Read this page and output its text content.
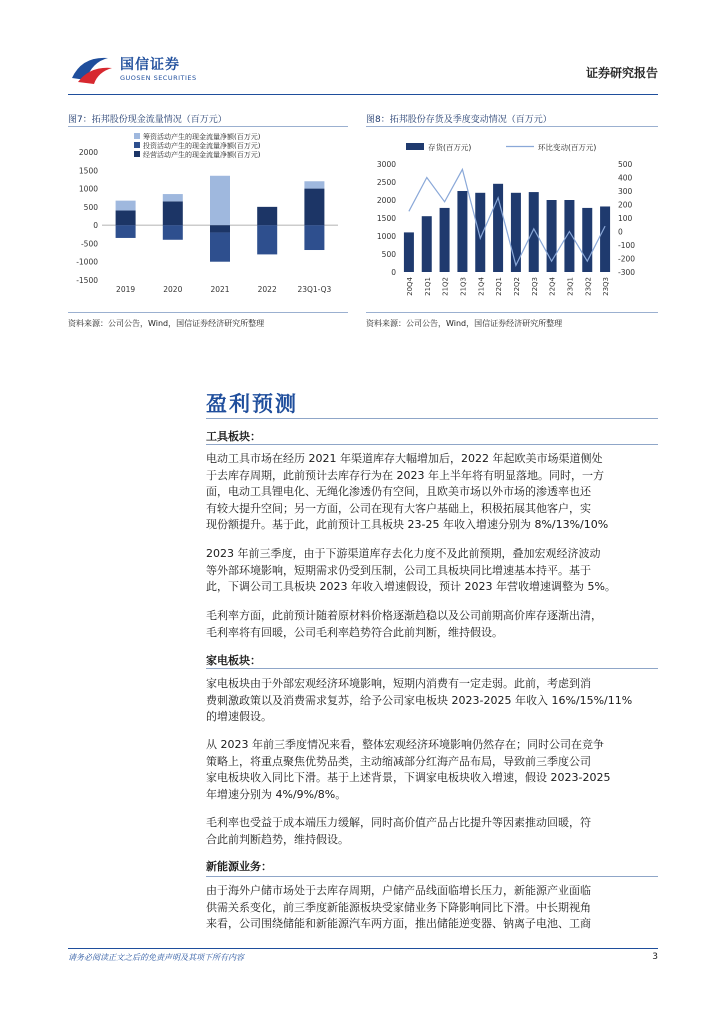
国信证券
GUOSEN SECURITIES	证券研究报告
图7：拓邦股份现金流量情况（百万元）
-1500
-1000
-500
0
500
1000
1500
2000
2019	2020	2021	2022	23Q1-Q3
筹资活动产生的现金流量净额(百万元)
投资活动产生的现金流量净额(百万元)
经营活动产生的现金流量净额(百万元)
资料来源：公司公告，Wind，国信证券经济研究所整理
图8：拓邦股份存货及季度变动情况（百万元）
0
500
1000
1500
2000
2500
3000
-300
-200
-100
0
100
200
300
400
500
20Q4 21Q1 21Q2 21Q3 21Q4 22Q1 22Q2 22Q3 22Q4 23Q1 23Q2 23Q3
存货(百万元)	环比变动(百万元)
资料来源：公司公告，Wind，国信证券经济研究所整理
盈利预测
工具板块：
电动工具市场在经历 2021 年渠道库存大幅增加后，2022 年起欧美市场渠道侧处
于去库存周期，此前预计去库存行为在 2023 年上半年将有明显落地。同时，一方
面，电动工具锂电化、无绳化渗透仍有空间，且欧美市场以外市场的渗透率也还
有较大提升空间；另一方面，公司在现有大客户基础上，积极拓展其他客户，实
现份额提升。基于此，此前预计工具板块 23-25 年收入增速分别为 8%/13%/10%
2023 年前三季度，由于下游渠道库存去化力度不及此前预期，叠加宏观经济波动
等外部环境影响，短期需求仍受到压制，公司工具板块同比增速基本持平。基于
此，下调公司工具板块 2023 年收入增速假设，预计 2023 年营收增速调整为 5%。
毛利率方面，此前预计随着原材料价格逐渐趋稳以及公司前期高价库存逐渐出清，
毛利率将有回暖，公司毛利率趋势符合此前判断，维持假设。
家电板块：
家电板块由于外部宏观经济环境影响，短期内消费有一定走弱。此前，考虑到消
费刺激政策以及消费需求复苏，给予公司家电板块 2023-2025 年收入 16%/15%/11%
的增速假设。
从 2023 年前三季度情况来看，整体宏观经济环境影响仍然存在；同时公司在竞争
策略上，将重点聚焦优势品类，主动缩减部分红海产品布局，导致前三季度公司
家电板块收入同比下滑。基于上述背景，下调家电板块收入增速，假设 2023-2025
年增速分别为 4%/9%/8%。
毛利率也受益于成本端压力缓解，同时高价值产品占比提升等因素推动回暖，符
合此前判断趋势，维持假设。
新能源业务：
由于海外户储市场处于去库存周期，户储产品线面临增长压力，新能源产业面临
供需关系变化，前三季度新能源板块受家储业务下降影响同比下滑。中长期视角
来看，公司围绕储能和新能源汽车两方面，推出储能逆变器、钠离子电池、工商
请务必阅读正文之后的免责声明及其项下所有内容	3
